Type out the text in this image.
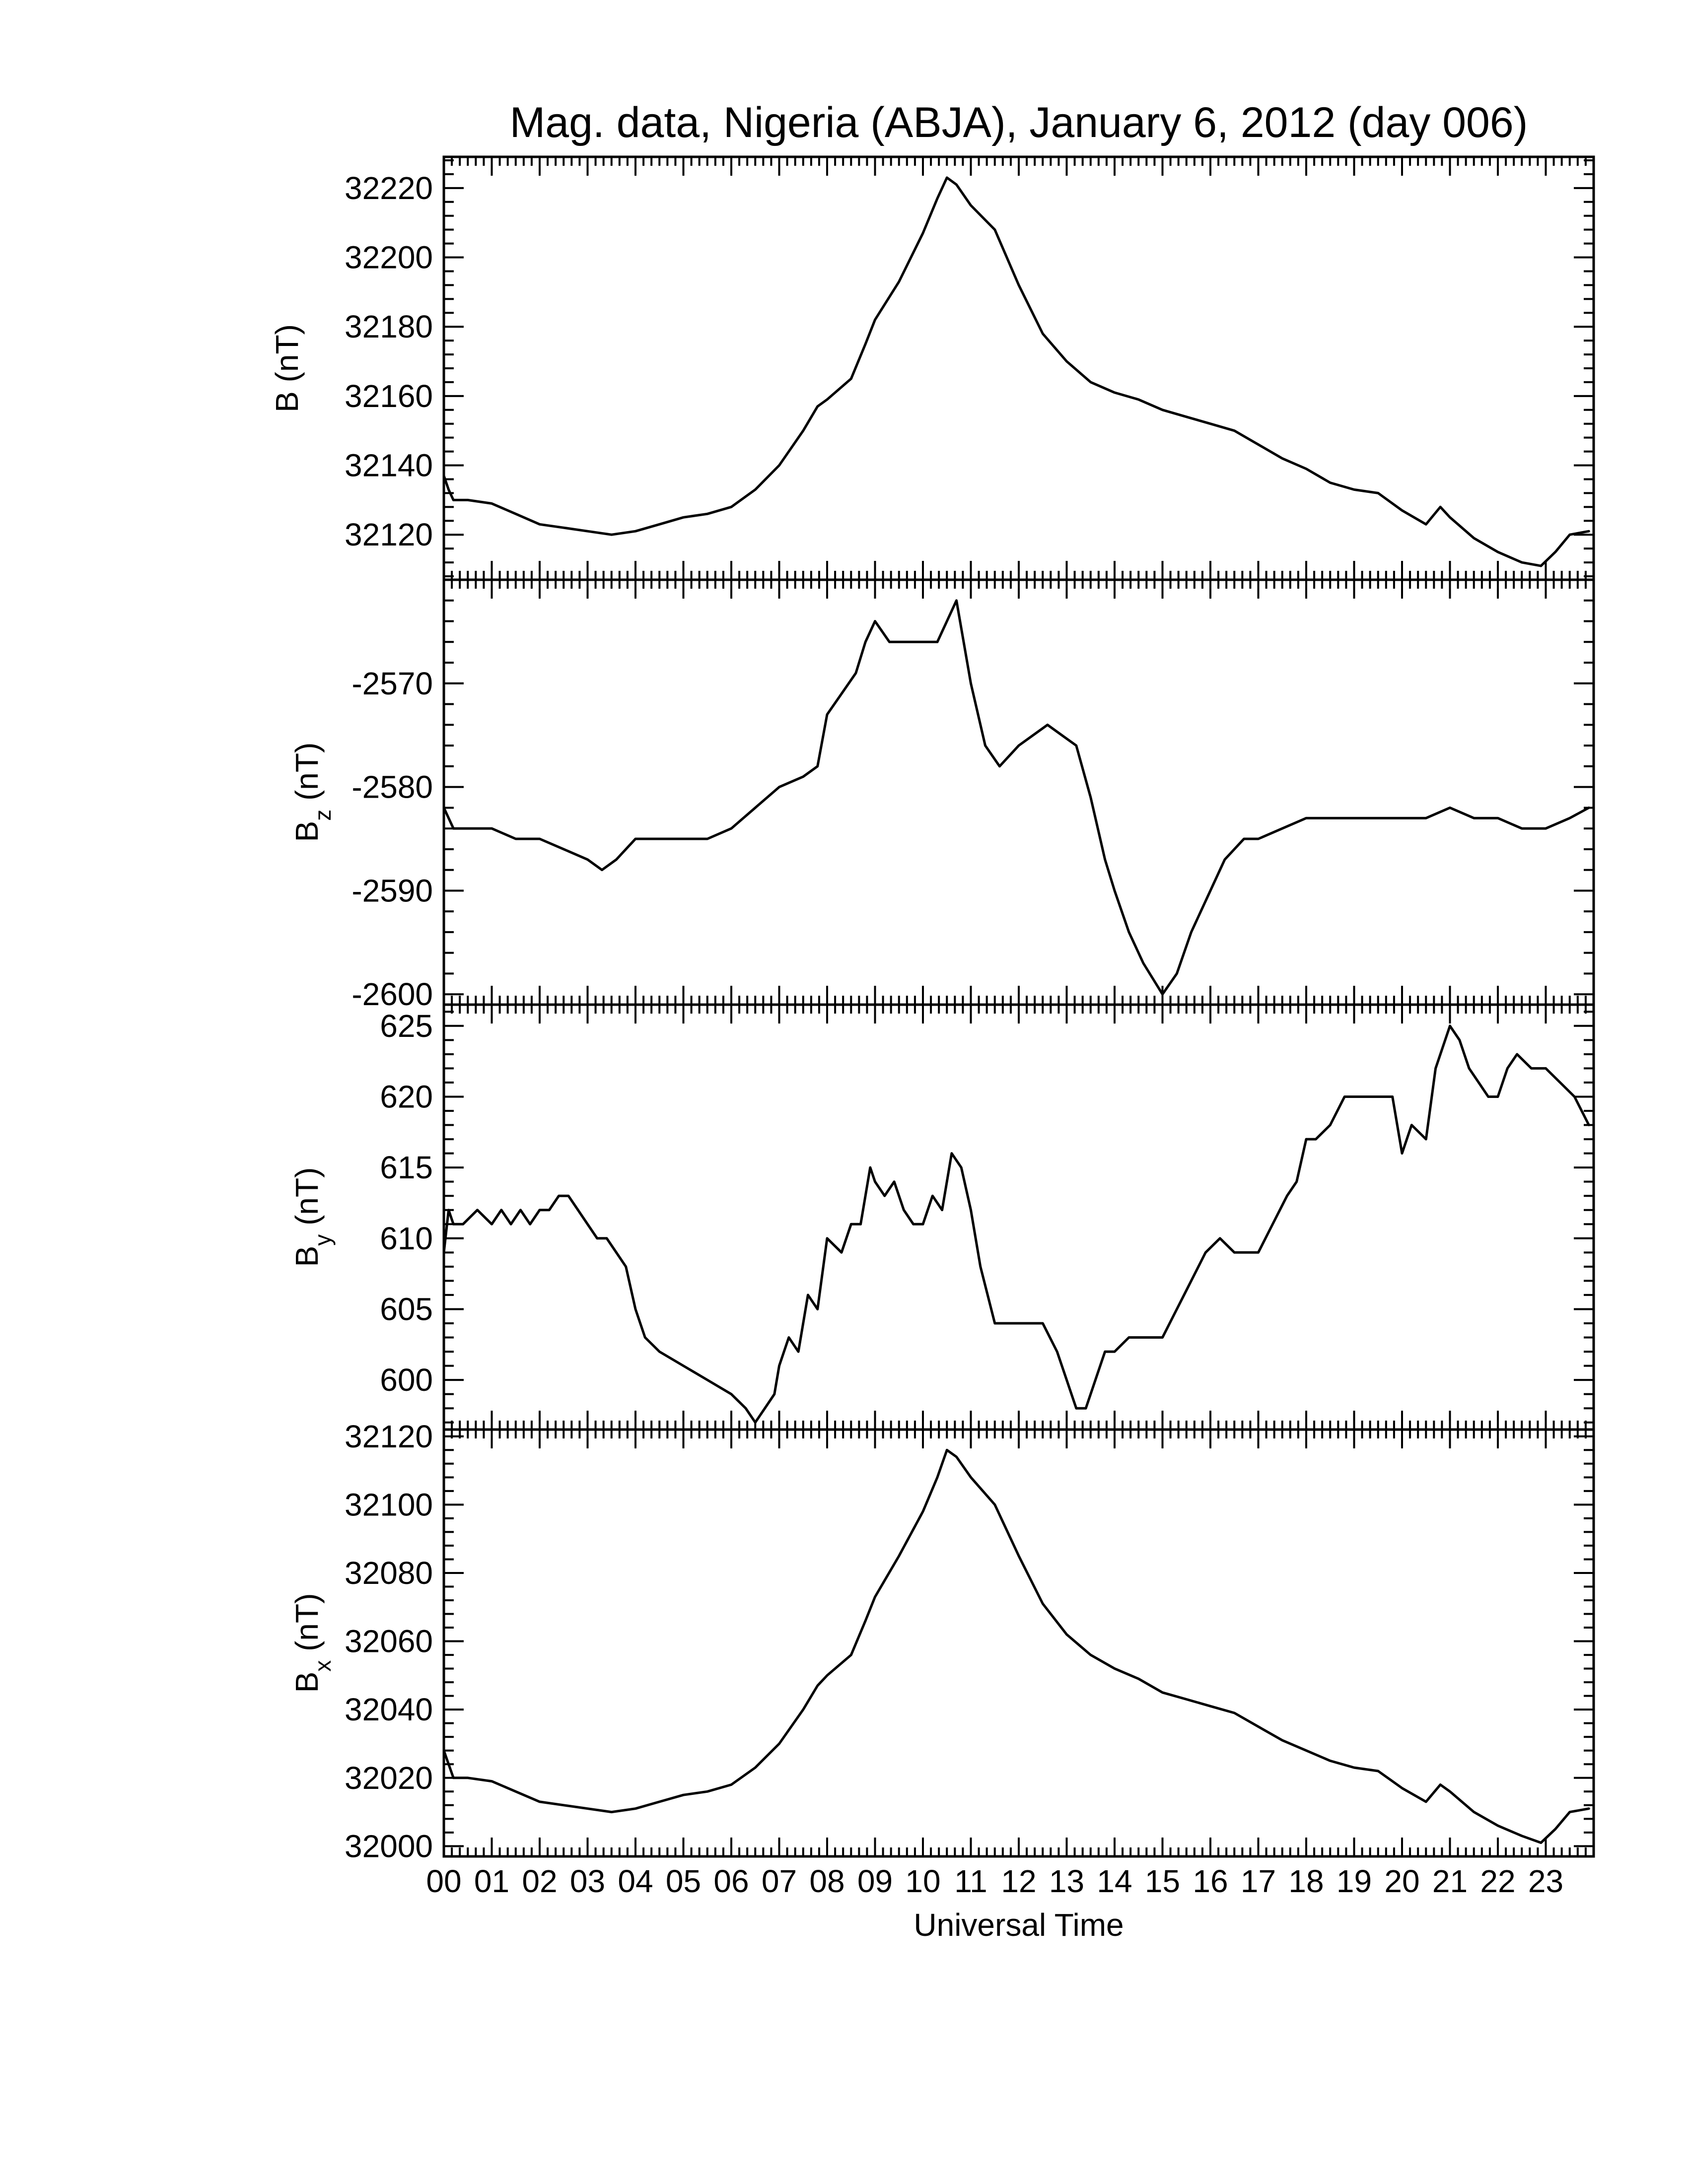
Mag. data, Nigeria (ABJA), January 6, 2012 (day 006)
32120
32140
32160
32180
32200
32220
B (nT)
-2600
-2590
-2580
-2570
$B_z$ (nT)
600
605
610
615
620
625
$B_y$ (nT)
32000
32020
32040
32060
32080
32100
32120
$B_x$ (nT)
00 01 02 03 04 05 06 07 08 09 10 11 12 13 14 15 16 17 18 19 20 21 22 23
Universal Time
